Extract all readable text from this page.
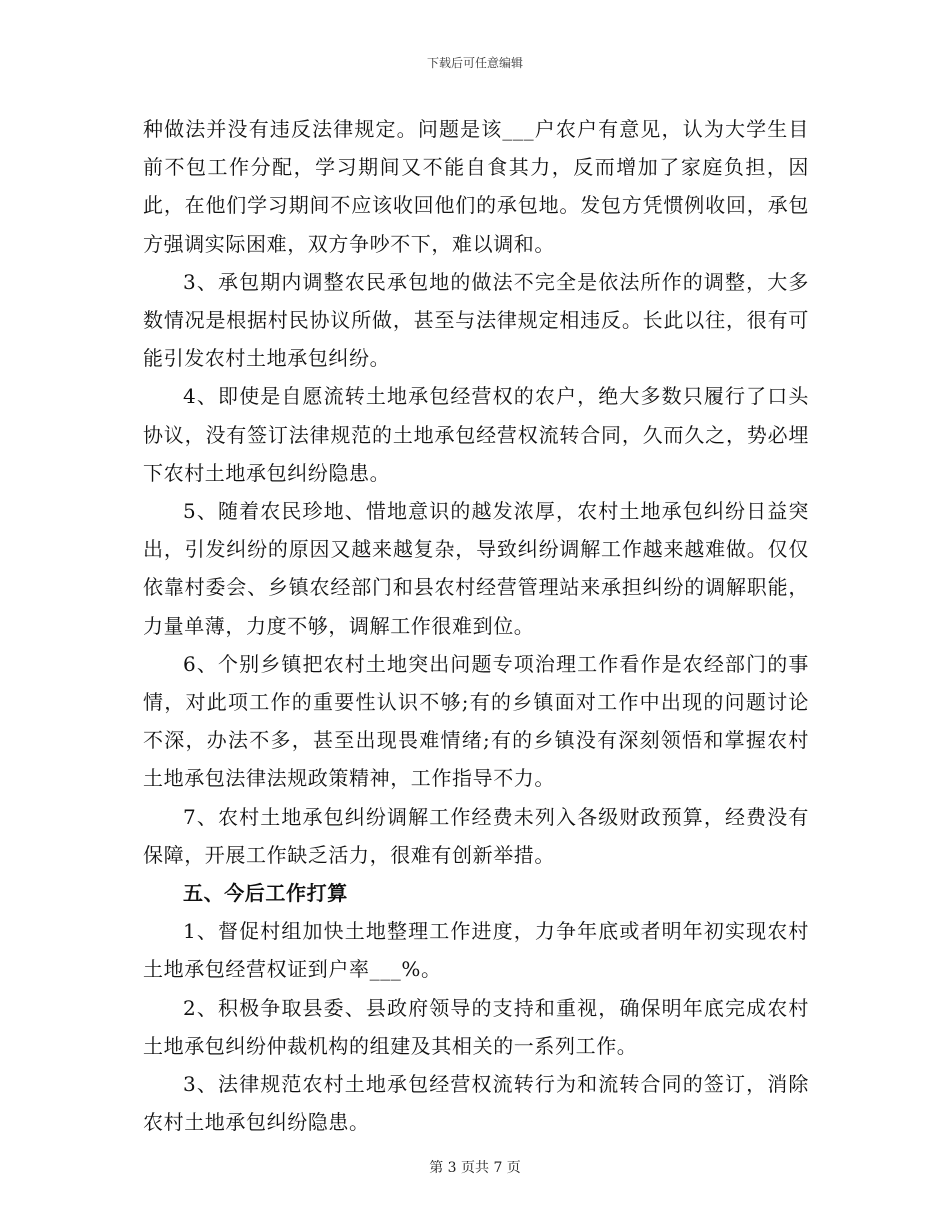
下载后可任意编辑

种做法并没有违反法律规定。问题是该___户农户有意见，认为大学生目前不包工作分配，学习期间又不能自食其力，反而增加了家庭负担，因此，在他们学习期间不应该收回他们的承包地。发包方凭惯例收回，承包方强调实际困难，双方争吵不下，难以调和。

3、承包期内调整农民承包地的做法不完全是依法所作的调整，大多数情况是根据村民协议所做，甚至与法律规定相违反。长此以往，很有可能引发农村土地承包纠纷。

4、即使是自愿流转土地承包经营权的农户，绝大多数只履行了口头协议，没有签订法律规范的土地承包经营权流转合同，久而久之，势必埋下农村土地承包纠纷隐患。

5、随着农民珍地、惜地意识的越发浓厚，农村土地承包纠纷日益突出，引发纠纷的原因又越来越复杂，导致纠纷调解工作越来越难做。仅仅依靠村委会、乡镇农经部门和县农村经营管理站来承担纠纷的调解职能，力量单薄，力度不够，调解工作很难到位。

6、个别乡镇把农村土地突出问题专项治理工作看作是农经部门的事情，对此项工作的重要性认识不够;有的乡镇面对工作中出现的问题讨论不深，办法不多，甚至出现畏难情绪;有的乡镇没有深刻领悟和掌握农村土地承包法律法规政策精神，工作指导不力。

7、农村土地承包纠纷调解工作经费未列入各级财政预算，经费没有保障，开展工作缺乏活力，很难有创新举措。

五、今后工作打算

1、督促村组加快土地整理工作进度，力争年底或者明年初实现农村土地承包经营权证到户率___%。

2、积极争取县委、县政府领导的支持和重视，确保明年底完成农村土地承包纠纷仲裁机构的组建及其相关的一系列工作。

3、法律规范农村土地承包经营权流转行为和流转合同的签订，消除农村土地承包纠纷隐患。

第 3 页共 7 页
